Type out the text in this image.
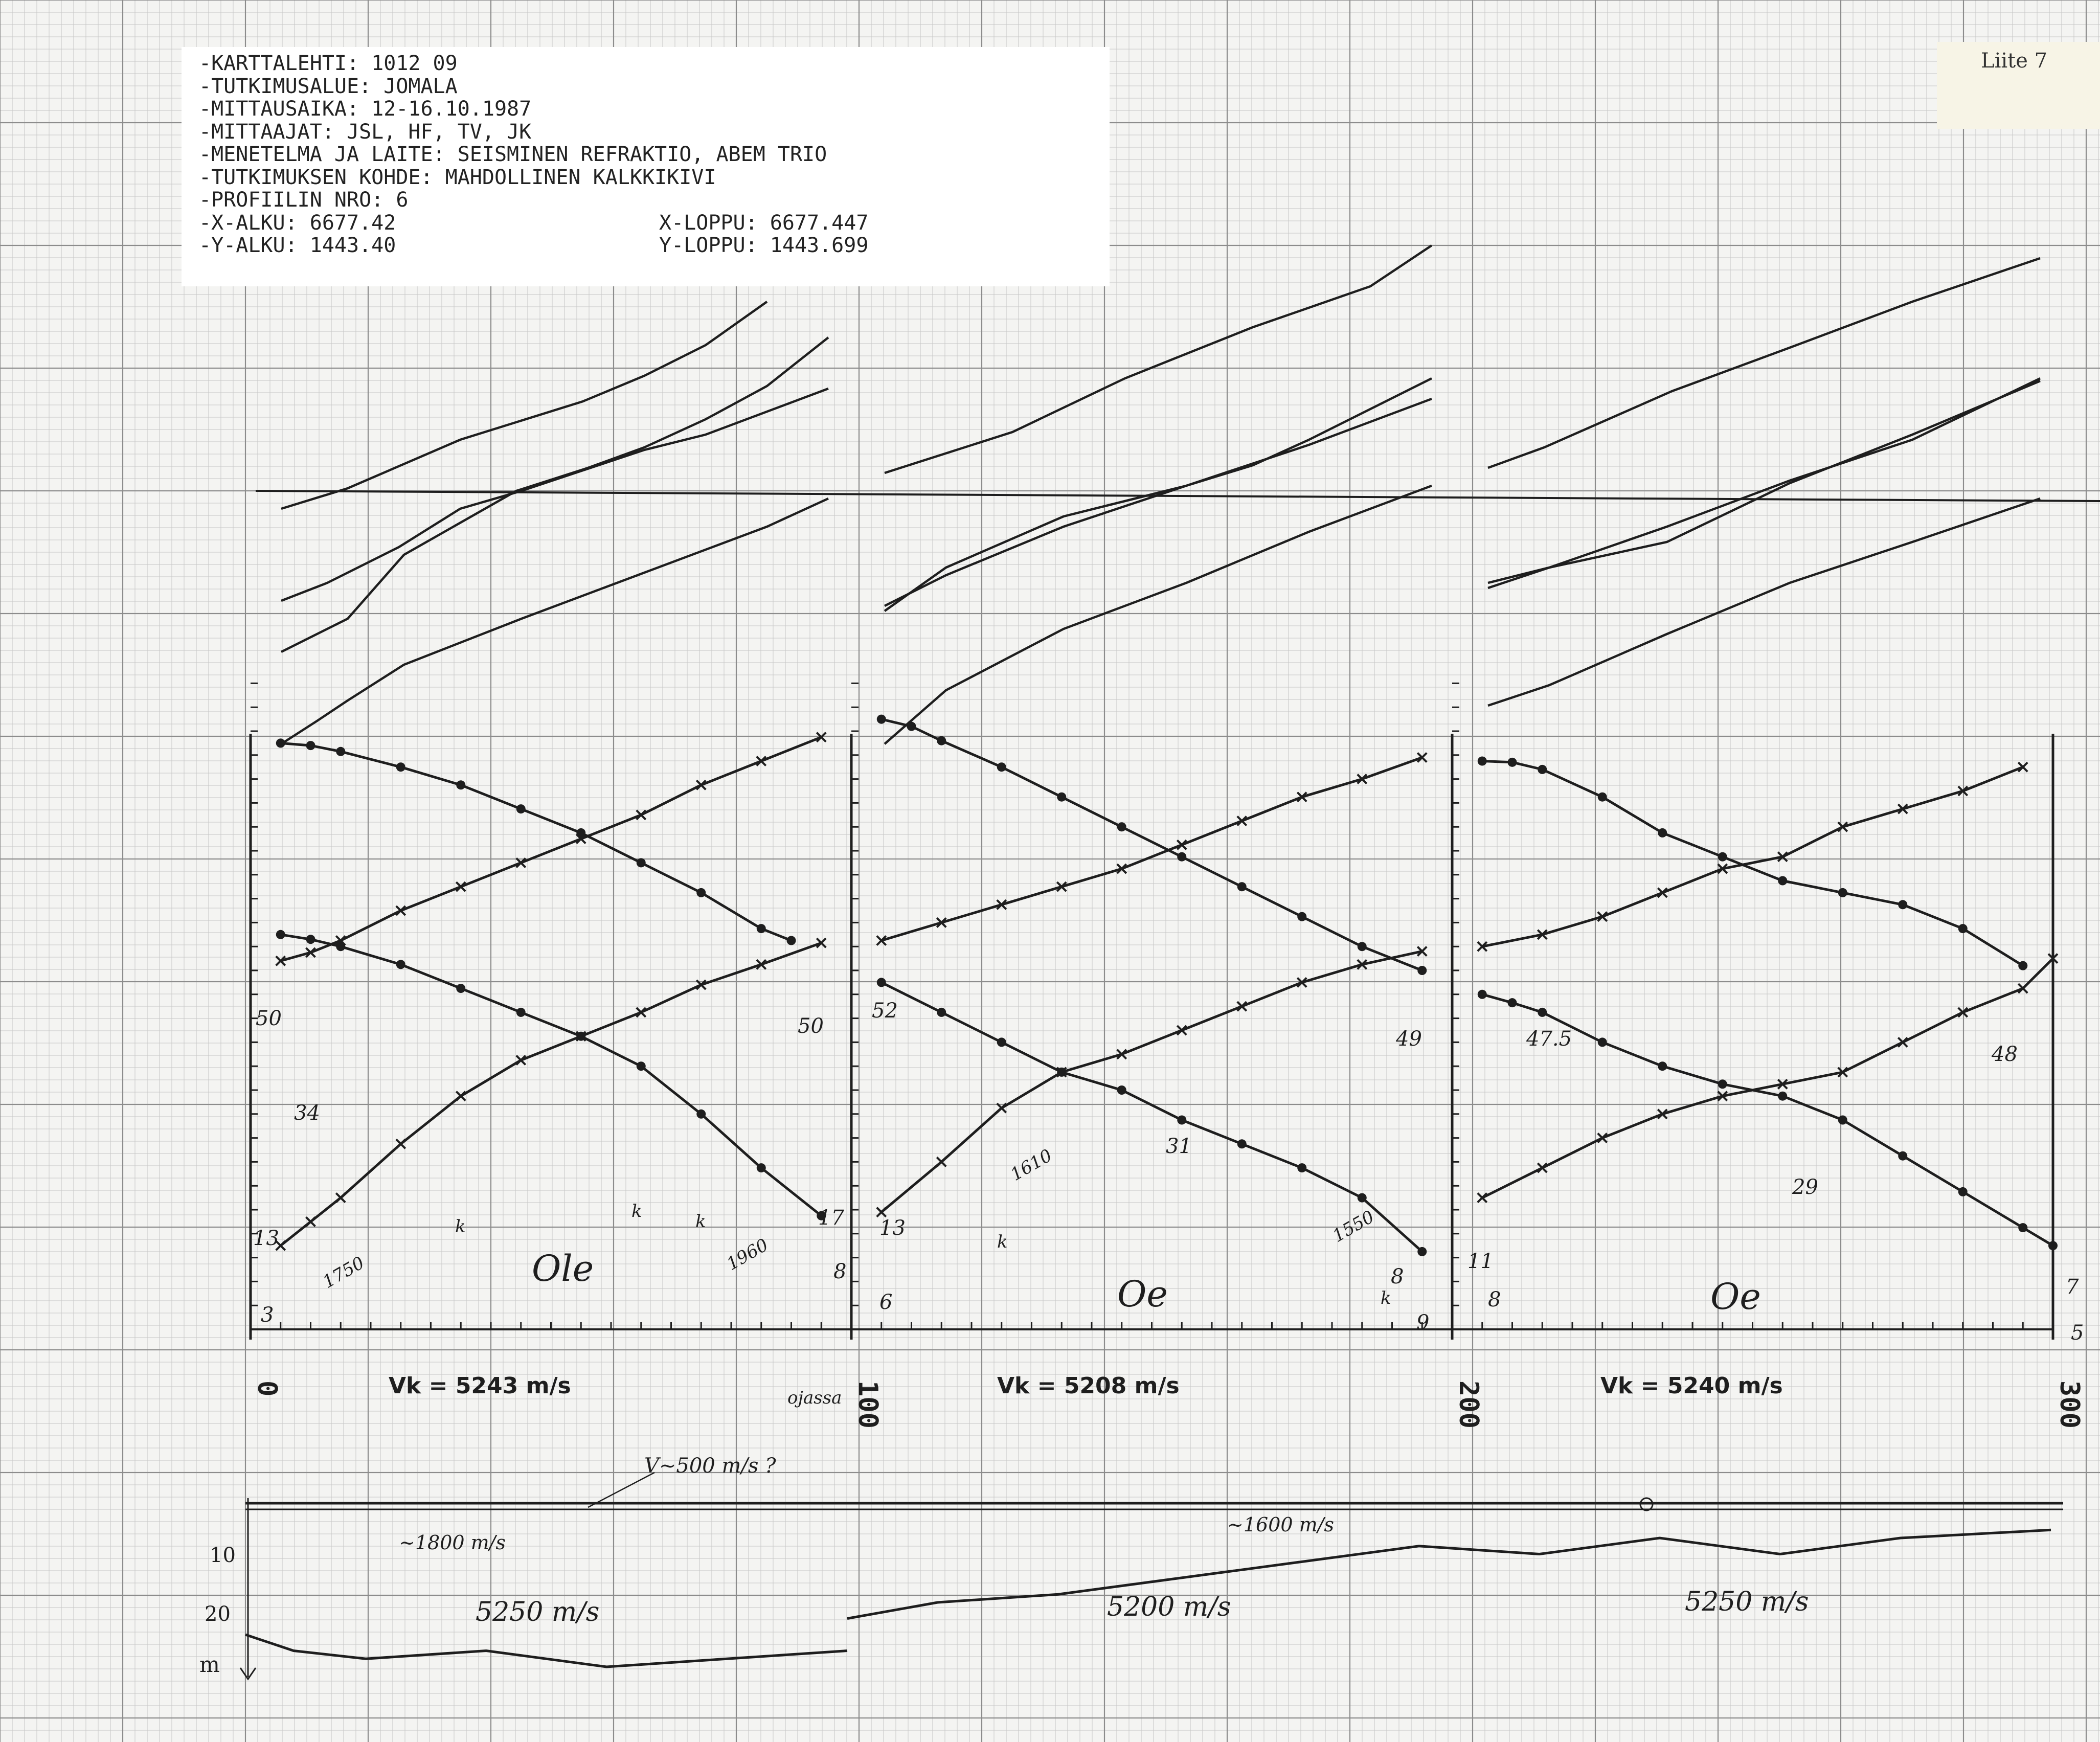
10
20
m
V~500 m/s ?
~1800 m/s
~1600 m/s
5250 m/s	5200 m/s	5250 m/s
0	100	200	300
Vk = 5243 m/s	Vk = 5208 m/s	Vk = 5240 m/s
50
34
13
3
50
17
8
52
49
31
13
8
6
9
47.5
48
29
11
8
7
5
1750	1960
1610
1550
k
k	k
Ole
ojassa
k
k
Oe	Oe
-KARTTALEHTI: 1012 09
-TUTKIMUSALUE: JOMALA
-MITTAUSAIKA: 12-16.10.1987
-MITTAAJAT: JSL, HF, TV, JK
-MENETELMA JA LAITE: SEISMINEN REFRAKTIO, ABEM TRIO
-TUTKIMUKSEN KOHDE: MAHDOLLINEN KALKKIKIVI
-PROFIILIN NRO: 6
-X-ALKU: 6677.42	X-LOPPU: 6677.447
-Y-ALKU: 1443.40	Y-LOPPU: 1443.699
Liite 7
